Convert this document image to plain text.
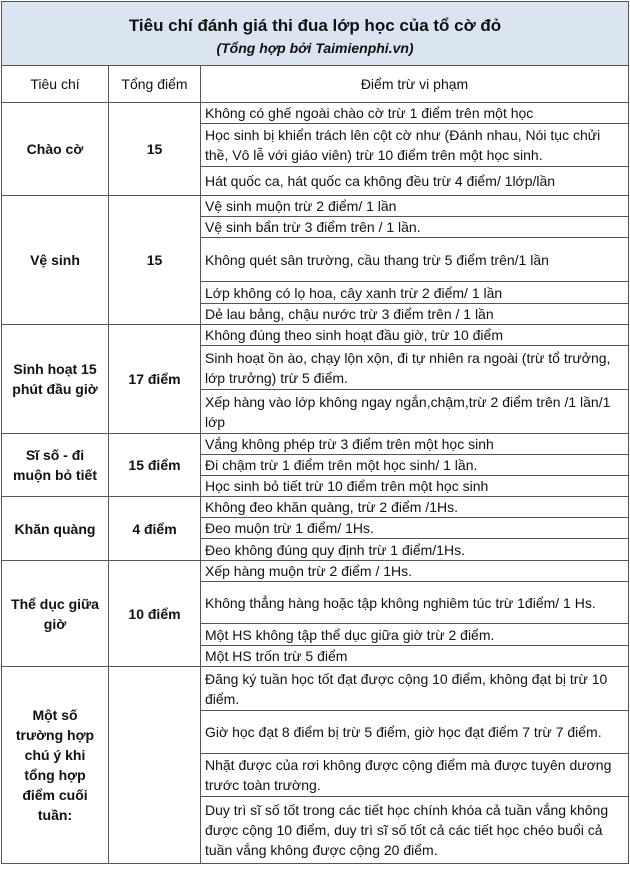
Tiêu chí đánh giá thi đua lớp học của tổ cờ đỏ
(Tổng hợp bởi Taimienphi.vn)		

Tiêu chí	Tổng điểm	Điểm trừ vi phạm
Chào cờ	15	Không có ghế ngoài chào cờ trừ 1 điểm trên một học
		Học sinh bị khiển trách lên cột cờ như (Đánh nhau, Nói tục chửi thề, Vô lễ với giáo viên) trừ 10 điểm trên một học sinh.
		Hát quốc ca, hát quốc ca không đều trừ 4 điểm/ 1lớp/lần
Vệ sinh	15	Vệ sinh muộn trừ 2 điểm/ 1 lần
		Vệ sinh bẩn trừ 3 điểm trên / 1 lần.
		Không quét sân trường, cầu thang trừ 5 điểm trên/1 lần
		Lớp không có lọ hoa, cây xanh trừ 2 điểm/ 1 lần
		Dẻ lau bảng, chậu nước trừ 3 điểm trên / 1 lần
Sinh hoạt 15 phút đầu giờ	17 điểm	Không đúng theo sinh hoạt đầu giờ, trừ 10 điểm
		Sinh hoạt ồn ào, chạy lộn xộn, đi tự nhiên ra ngoài (trừ tổ trưởng, lớp trưởng) trừ 5 điểm.
		Xếp hàng vào lớp không ngay ngắn,chậm,trừ 2 điểm trên /1 lần/1 lớp
Sĩ số - đi muộn bỏ tiết	15 điểm	Vắng không phép trừ 3 điểm trên một học sinh
		Đi chậm trừ 1 điểm trên một học sinh/ 1 lần.
		Học sinh bỏ tiết trừ 10 điểm trên một học sinh
Khăn quàng	4 điểm	Không đeo khăn quàng, trừ 2 điểm /1Hs.
		Đeo muộn trừ 1 điểm/ 1Hs.
		Đeo không đúng quy định trừ 1 điểm/1Hs.
Thể dục giữa giờ	10 điểm	Xếp hàng muộn trừ 2 điểm / 1Hs.
		Không thẳng hàng hoặc tập không nghiêm túc trừ 1điểm/ 1 Hs.
		Một HS không tập thể dục giữa giờ trừ 2 điểm.
		Một HS trốn trừ 5 điểm
Một số trường hợp chú ý khi tổng hợp điểm cuối tuần:		Đăng ký tuần học tốt đạt được cộng 10 điểm, không đạt bị trừ 10 điểm.
		Giờ học đạt 8 điểm bị trừ 5 điểm, giờ học đạt điểm 7 trừ 7 điểm.
		Nhặt được của rơi không được cộng điểm mà được tuyên dương trước toàn trường.
		Duy trì sĩ số tốt trong các tiết học chính khóa cả tuần vắng không được cộng 10 điểm, duy trì sĩ số tốt cả các tiết học chéo buổi cả tuần vắng không được cộng 20 điểm.
